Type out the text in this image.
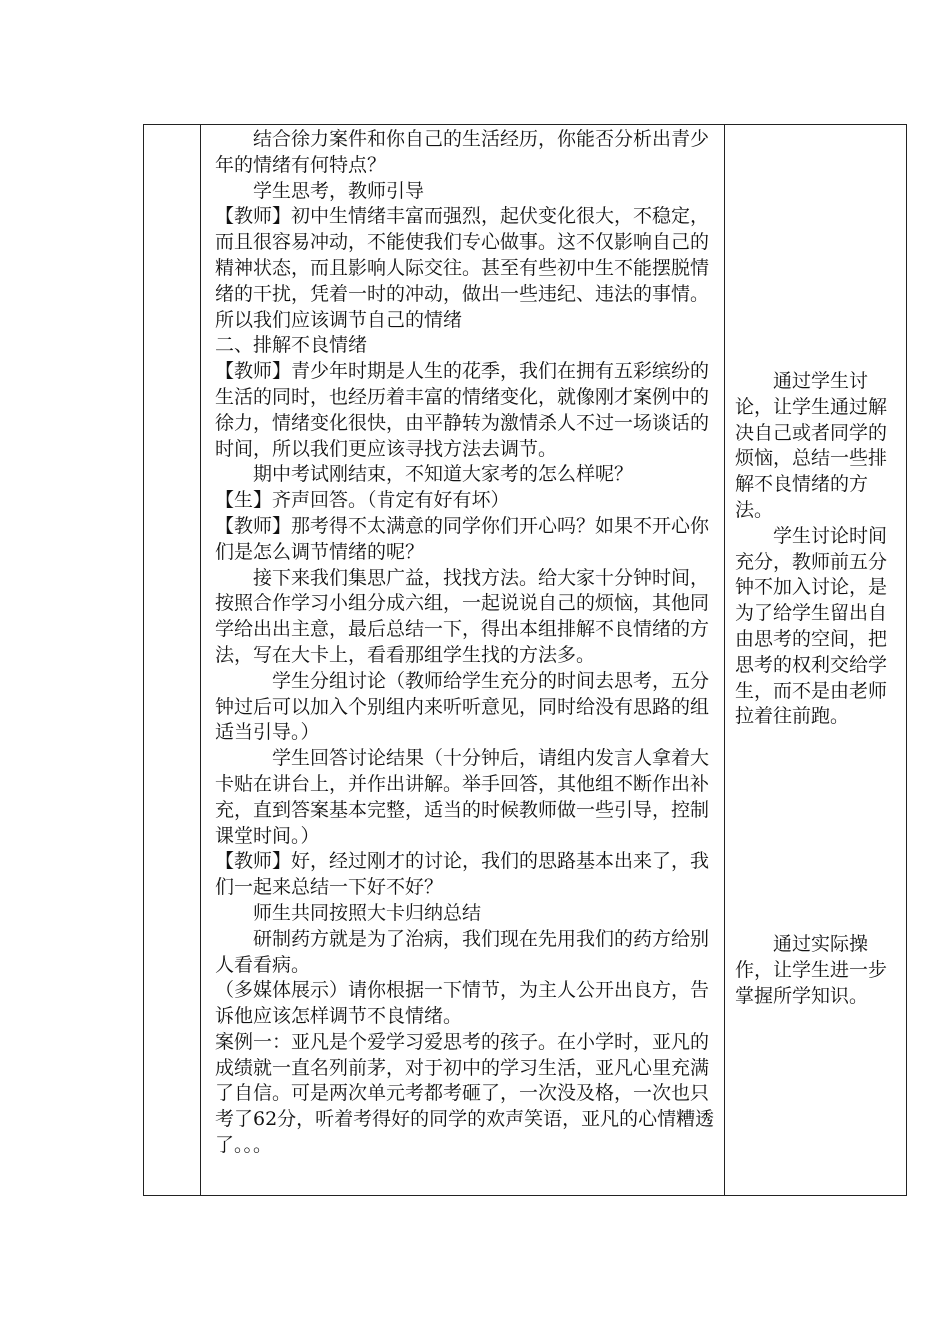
　　结合徐力案件和你自己的生活经历，你能否分析出青少年的情绪有何特点？

　　学生思考，教师引导

【教师】初中生情绪丰富而强烈，起伏变化很大，不稳定，而且很容易冲动，不能使我们专心做事。这不仅影响自己的精神状态，而且影响人际交往。甚至有些初中生不能摆脱情绪的干扰，凭着一时的冲动，做出一些违纪、违法的事情。所以我们应该调节自己的情绪

二、排解不良情绪

【教师】青少年时期是人生的花季，我们在拥有五彩缤纷的生活的同时，也经历着丰富的情绪变化，就像刚才案例中的徐力，情绪变化很快，由平静转为激情杀人不过一场谈话的时间，所以我们更应该寻找方法去调节。

　　期中考试刚结束，不知道大家考的怎么样呢？

【生】齐声回答。（肯定有好有坏）

【教师】那考得不太满意的同学你们开心吗？如果不开心你们是怎么调节情绪的呢？

　　接下来我们集思广益，找找方法。给大家十分钟时间，按照合作学习小组分成六组，一起说说自己的烦恼，其他同学给出出主意，最后总结一下，得出本组排解不良情绪的方法，写在大卡上，看看那组学生找的方法多。

　　　学生分组讨论（教师给学生充分的时间去思考，五分钟过后可以加入个别组内来听听意见，同时给没有思路的组适当引导。）

　　　学生回答讨论结果（十分钟后，请组内发言人拿着大卡贴在讲台上，并作出讲解。举手回答，其他组不断作出补充，直到答案基本完整，适当的时候教师做一些引导，控制课堂时间。）

【教师】好，经过刚才的讨论，我们的思路基本出来了，我们一起来总结一下好不好？

　　师生共同按照大卡归纳总结

　　研制药方就是为了治病，我们现在先用我们的药方给别人看看病。

（多媒体展示）请你根据一下情节，为主人公开出良方，告诉他应该怎样调节不良情绪。

案例一：亚凡是个爱学习爱思考的孩子。在小学时，亚凡的成绩就一直名列前茅，对于初中的学习生活，亚凡心里充满了自信。可是两次单元考都考砸了，一次没及格，一次也只考了62分，听着考得好的同学的欢声笑语，亚凡的心情糟透了。。。

　　通过学生讨论，让学生通过解决自己或者同学的烦恼，总结一些排解不良情绪的方法。

　　学生讨论时间充分，教师前五分钟不加入讨论，是为了给学生留出自由思考的空间，把思考的权利交给学生，而不是由老师拉着往前跑。

　　通过实际操作，让学生进一步掌握所学知识。
